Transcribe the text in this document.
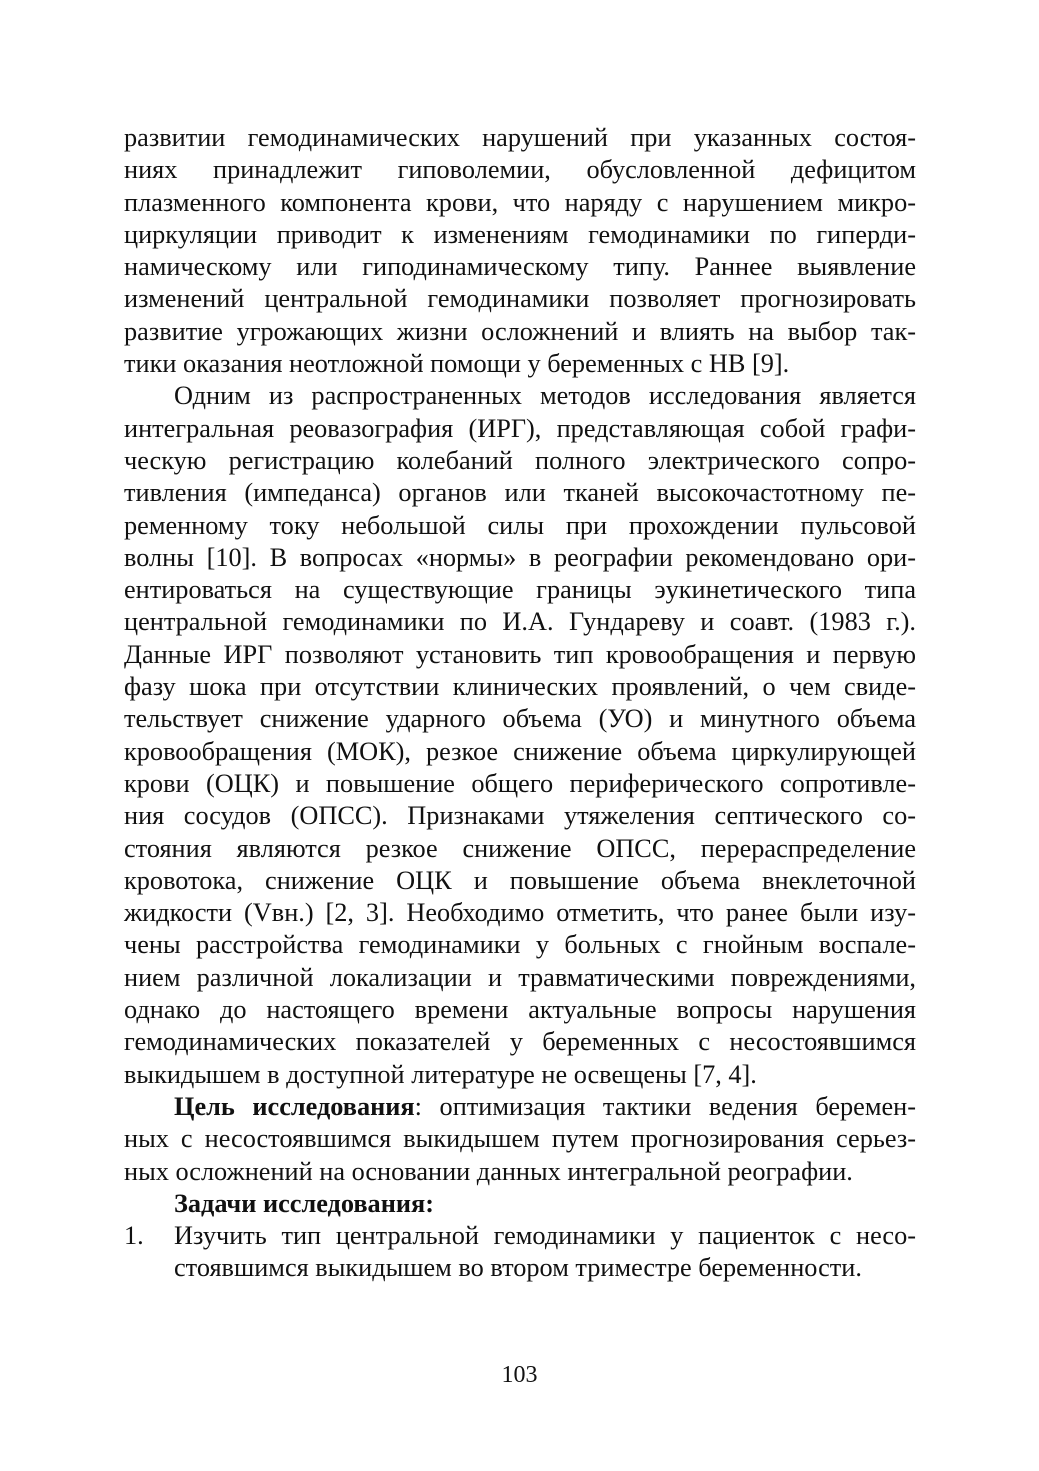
развитии гемодинамических нарушений при указанных состоя-
ниях принадлежит гиповолемии, обусловленной дефицитом
плазменного компонента крови, что наряду с нарушением микро-
циркуляции приводит к изменениям гемодинамики по гиперди-
намическому или гиподинамическому типу. Раннее выявление
изменений центральной гемодинамики позволяет прогнозировать
развитие угрожающих жизни осложнений и влиять на выбор так-
тики оказания неотложной помощи у беременных с НВ [9].
Одним из распространенных методов исследования является
интегральная реовазография (ИРГ), представляющая собой графи-
ческую регистрацию колебаний полного электрического сопро-
тивления (импеданса) органов или тканей высокочастотному пе-
ременному току небольшой силы при прохождении пульсовой
волны [10]. В вопросах «нормы» в реографии рекомендовано ори-
ентироваться на существующие границы эукинетического типа
центральной гемодинамики по И.А. Гундареву и соавт. (1983 г.).
Данные ИРГ позволяют установить тип кровообращения и первую
фазу шока при отсутствии клинических проявлений, о чем свиде-
тельствует снижение ударного объема (УО) и минутного объема
кровообращения (МОК), резкое снижение объема циркулирующей
крови (ОЦК) и повышение общего периферического сопротивле-
ния сосудов (ОПСС). Признаками утяжеления септического со-
стояния являются резкое снижение ОПСС, перераспределение
кровотока, снижение ОЦК и повышение объема внеклеточной
жидкости (Vвн.) [2, 3]. Необходимо отметить, что ранее были изу-
чены расстройства гемодинамики у больных с гнойным воспале-
нием различной локализации и травматическими повреждениями,
однако до настоящего времени актуальные вопросы нарушения
гемодинамических показателей у беременных с несостоявшимся
выкидышем в доступной литературе не освещены [7, 4].
Цель исследования: оптимизация тактики ведения беремен-
ных с несостоявшимся выкидышем путем прогнозирования серьез-
ных осложнений на основании данных интегральной реографии.
Задачи исследования:
1. Изучить тип центральной гемодинамики у пациенток с несо-
стоявшимся выкидышем во втором триместре беременности.
103
